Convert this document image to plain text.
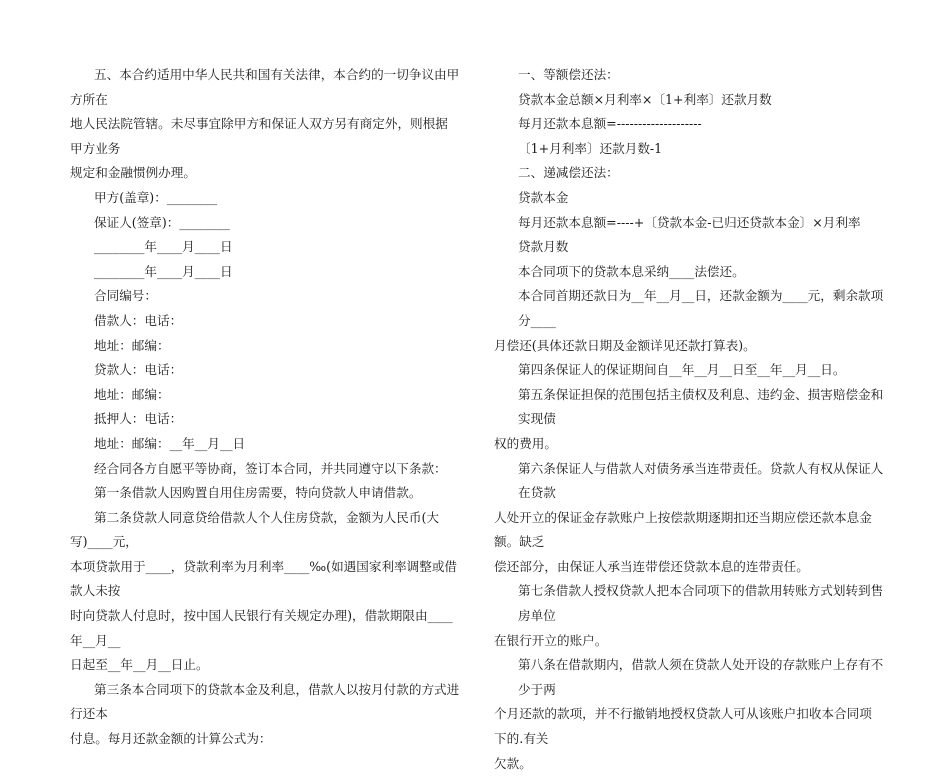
五、本合约适用中华人民共和国有关法律，本合约的一切争议由甲方所在

地人民法院管辖。未尽事宜除甲方和保证人双方另有商定外，则根据甲方业务

规定和金融惯例办理。

甲方(盖章)：________

保证人(签章)：________

________年____月____日

________年____月____日

合同编号：

借款人：电话：

地址：邮编：

贷款人：电话：

地址：邮编：

抵押人：电话：

地址：邮编：__年__月__日

经合同各方自愿平等协商，签订本合同，并共同遵守以下条款：

第一条借款人因购置自用住房需要，特向贷款人申请借款。

第二条贷款人同意贷给借款人个人住房贷款，金额为人民币(大写)____元，

本项贷款用于____，贷款利率为月利率____‰(如遇国家利率调整或借款人未按

时向贷款人付息时，按中国人民银行有关规定办理)，借款期限由____年__月__

日起至__年__月__日止。

第三条本合同项下的贷款本金及利息，借款人以按月付款的方式进行还本

付息。每月还款金额的计算公式为：

一、等额偿还法：

贷款本金总额×月利率×〔1+利率〕还款月数

每月还款本息额=--------------------

〔1+月利率〕还款月数-1

二、递减偿还法：

贷款本金

每月还款本息额=----+〔贷款本金-已归还贷款本金〕×月利率

贷款月数

本合同项下的贷款本息采纳____法偿还。

本合同首期还款日为__年__月__日，还款金额为____元，剩余款项分____

月偿还(具体还款日期及金额详见还款打算表)。

第四条保证人的保证期间自__年__月__日至__年__月__日。

第五条保证担保的范围包括主债权及利息、违约金、损害赔偿金和实现债

权的费用。

第六条保证人与借款人对债务承当连带责任。贷款人有权从保证人在贷款

人处开立的保证金存款账户上按偿款期逐期扣还当期应偿还款本息金额。缺乏

偿还部分，由保证人承当连带偿还贷款本息的连带责任。

第七条借款人授权贷款人把本合同项下的借款用转账方式划转到售房单位

在银行开立的账户。

第八条在借款期内，借款人须在贷款人处开设的存款账户上存有不少于两

个月还款的款项，并不行撤销地授权贷款人可从该账户扣收本合同项下的.有关

欠款。
